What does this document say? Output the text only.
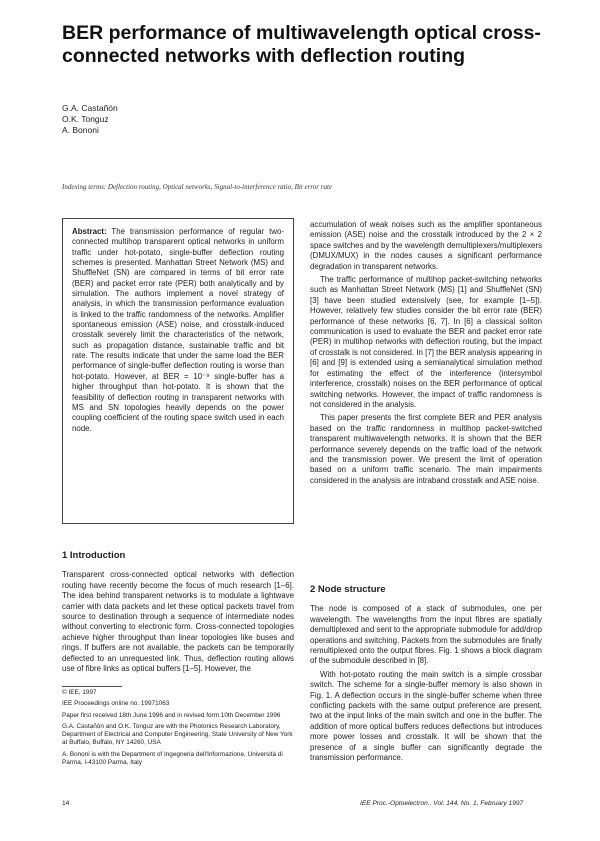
BER performance of multiwavelength optical cross-connected networks with deflection routing
G.A. Castañón
O.K. Tonguz
A. Bononi
Indexing terms: Deflection routing, Optical networks, Signal-to-interference ratio, Bit error rate
Abstract: The transmission performance of regular two-connected multihop transparent optical networks in uniform traffic under hot-potato, single-buffer deflection routing schemes is presented. Manhattan Street Network (MS) and ShuffleNet (SN) are compared in terms of bit error rate (BER) and packet error rate (PER) both analytically and by simulation. The authors implement a novel strategy of analysis, in which the transmission performance evaluation is linked to the traffic randomness of the networks. Amplifier spontaneous emission (ASE) noise, and crosstalk-induced crosstalk severely limit the characteristics of the network, such as propagation distance, sustainable traffic and bit rate. The results indicate that under the same load the BER performance of single-buffer deflection routing is worse than hot-potato. However, at BER = 10⁻⁹ single-buffer has a higher throughput than hot-potato. It is shown that the feasibility of deflection routing in transparent networks with MS and SN topologies heavily depends on the power coupling coefficient of the routing space switch used in each node.

1 Introduction

Transparent cross-connected optical networks with deflection routing have recently become the focus of much research [1–6]. The idea behind transparent networks is to modulate a lightwave carrier with data packets and let these optical packets travel from source to destination through a sequence of intermediate nodes without converting to electronic form. Cross-connected topologies achieve higher throughput than linear topologies like buses and rings. If buffers are not available, the packets can be temporarily deflected to an unrequested link. Thus, deflection routing allows use of fibre links as optical buffers [1–5]. However, the

© IEE, 1997
IEE Proceedings online no. 19971063
Paper first received 18th June 1996 and in revised form 10th December 1996
G.A. Castañón and O.K. Tonguz are with the Photonics Research Laboratory, Department of Electrical and Computer Engineering, State University of New York at Buffalo, Buffalo, NY 14260, USA
A. Bononi is with the Department of Ingegneria dell'Informazione, Università di Parma, I-43100 Parma, Italy

accumulation of weak noises such as the amplifier spontaneous emission (ASE) noise and the crosstalk introduced by the 2 × 2 space switches and by the wavelength demultiplexers/multiplexers (DMUX/MUX) in the nodes causes a significant performance degradation in transparent networks.

The traffic performance of multihop packet-switching networks such as Manhattan Street Network (MS) [1] and ShuffleNet (SN) [3] have been studied extensively (see, for example [1–5]). However, relatively few studies consider the bit error rate (BER) performance of these networks [6, 7]. In [6] a classical soliton communication is used to evaluate the BER and packet error rate (PER) in multihop networks with deflection routing, but the impact of crosstalk is not considered. In [7] the BER analysis appearing in [6] and [9] is extended using a semianalytical simulation method for estimating the effect of the interference (intersymbol interference, crosstalk) noises on the BER performance of optical switching networks. However, the impact of traffic randomness is not considered in the analysis.

This paper presents the first complete BER and PER analysis based on the traffic randomness in multihop packet-switched transparent multiwavelength networks. It is shown that the BER performance severely depends on the traffic load of the network and the transmission power. We present the limit of operation based on a uniform traffic scenario. The main impairments considered in the analysis are intraband crosstalk and ASE noise.

2 Node structure

The node is composed of a stack of submodules, one per wavelength. The wavelengths from the input fibres are spatially demultiplexed and sent to the appropriate submodule for add/drop operations and switching. Packets from the submodules are finally remultiplexed onto the output fibres. Fig. 1 shows a block diagram of the submodule described in [8].

With hot-potato routing the main switch is a simple crossbar switch. The scheme for a single-buffer memory is also shown in Fig. 1. A deflection occurs in the single-buffer scheme when three conflicting packets with the same output preference are present, two at the input links of the main switch and one in the buffer. The addition of more optical buffers reduces deflections but introduces more power losses and crosstalk. It will be shown that the presence of a single buffer can significantly degrade the transmission performance.

14	IEE Proc.-Optoelectron., Vol. 144, No. 1, February 1997
